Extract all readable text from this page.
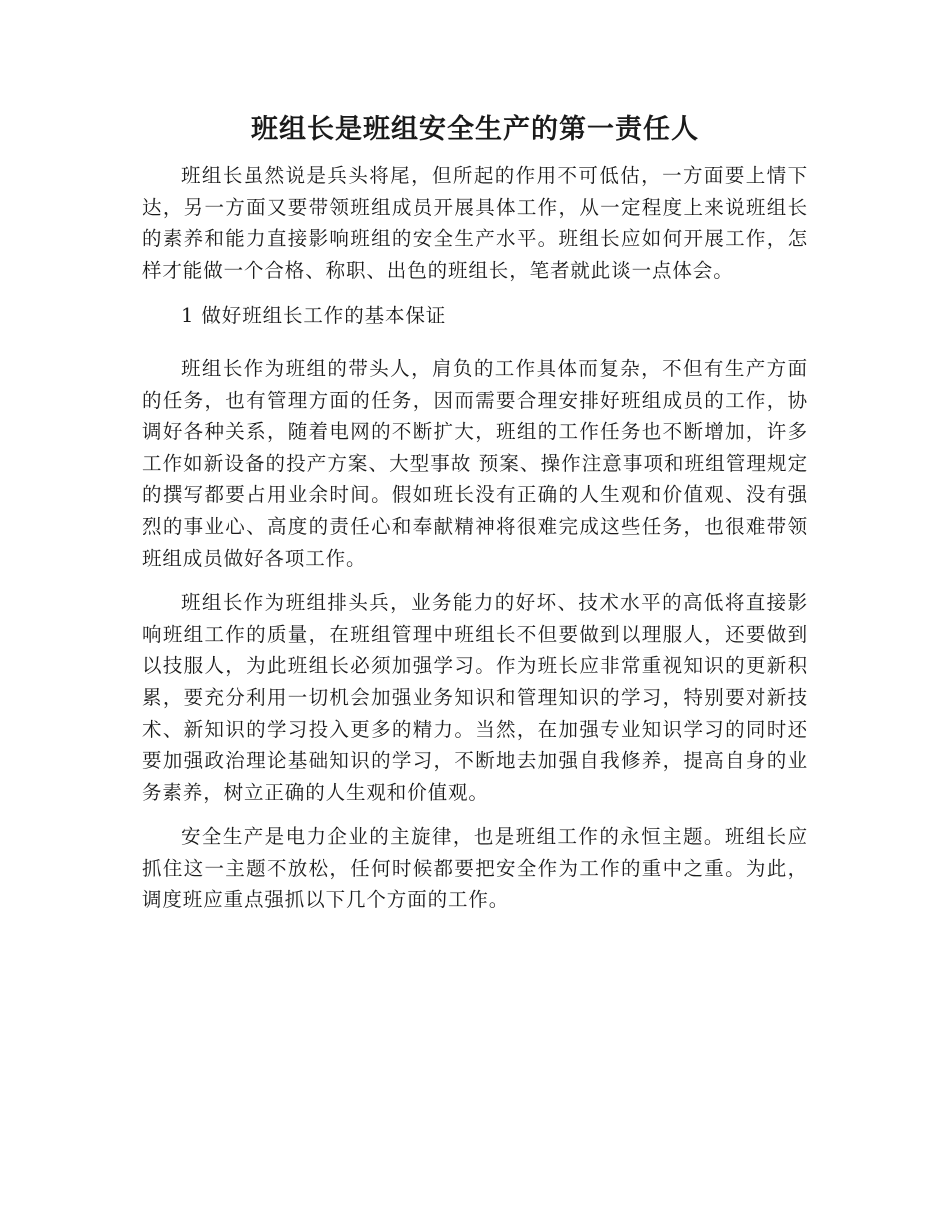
班组长是班组安全生产的第一责任人

班组长虽然说是兵头将尾，但所起的作用不可低估，一方面要上情下达，另一方面又要带领班组成员开展具体工作，从一定程度上来说班组长的素养和能力直接影响班组的安全生产水平。班组长应如何开展工作，怎样才能做一个合格、称职、出色的班组长，笔者就此谈一点体会。

1 做好班组长工作的基本保证

班组长作为班组的带头人，肩负的工作具体而复杂，不但有生产方面的任务，也有管理方面的任务，因而需要合理安排好班组成员的工作，协调好各种关系，随着电网的不断扩大，班组的工作任务也不断增加，许多工作如新设备的投产方案、大型事故 预案、操作注意事项和班组管理规定的撰写都要占用业余时间。假如班长没有正确的人生观和价值观、没有强烈的事业心、高度的责任心和奉献精神将很难完成这些任务，也很难带领班组成员做好各项工作。

班组长作为班组排头兵，业务能力的好坏、技术水平的高低将直接影响班组工作的质量，在班组管理中班组长不但要做到以理服人，还要做到以技服人，为此班组长必须加强学习。作为班长应非常重视知识的更新积累，要充分利用一切机会加强业务知识和管理知识的学习，特别要对新技术、新知识的学习投入更多的精力。当然，在加强专业知识学习的同时还要加强政治理论基础知识的学习，不断地去加强自我修养，提高自身的业务素养，树立正确的人生观和价值观。

安全生产是电力企业的主旋律，也是班组工作的永恒主题。班组长应抓住这一主题不放松，任何时候都要把安全作为工作的重中之重。为此，调度班应重点强抓以下几个方面的工作。
